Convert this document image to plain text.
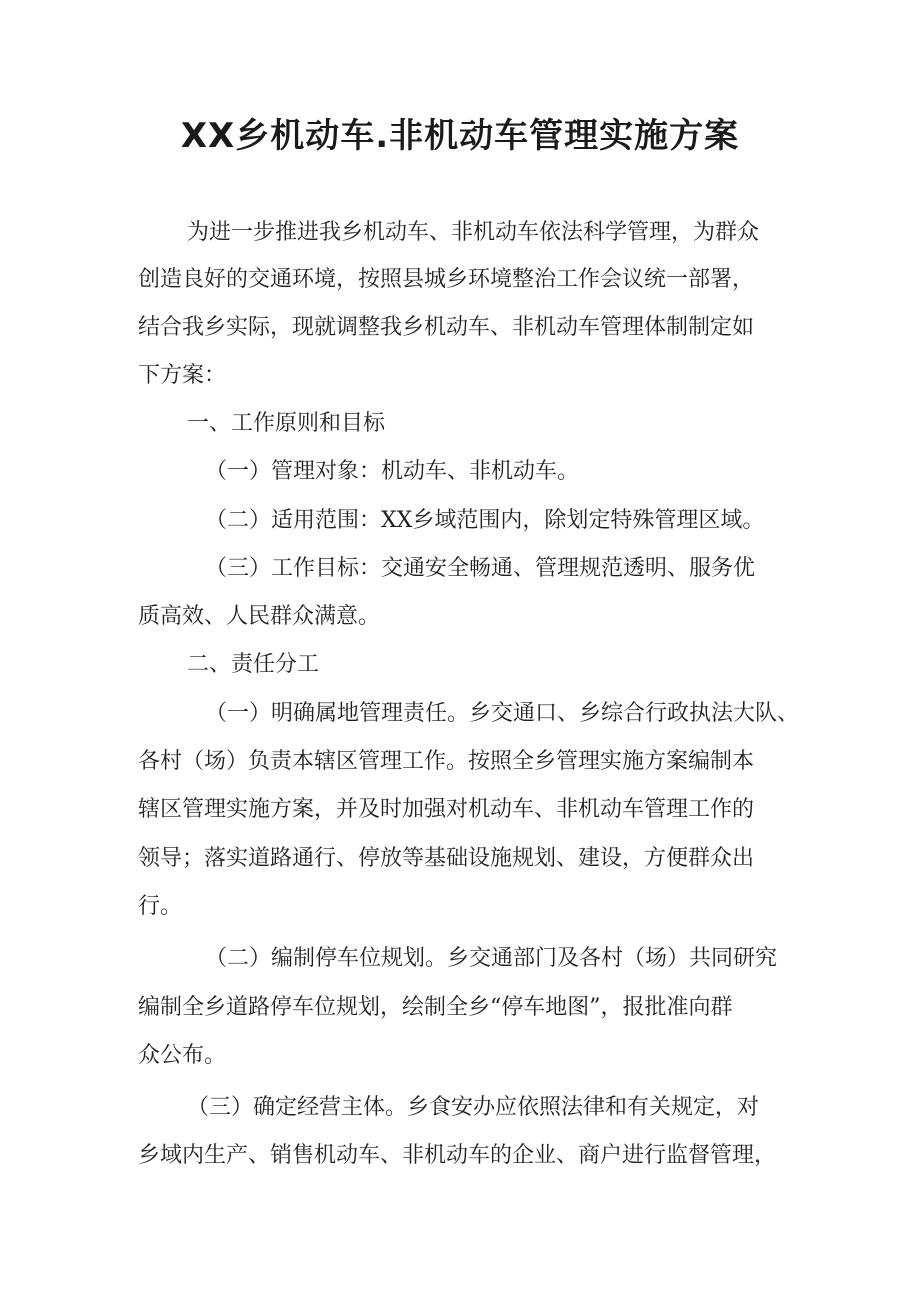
XX乡机动车.非机动车管理实施方案

为进一步推进我乡机动车、非机动车依法科学管理，为群众

创造良好的交通环境，按照县城乡环境整治工作会议统一部署，

结合我乡实际，现就调整我乡机动车、非机动车管理体制制定如

下方案：

一、工作原则和目标

（一）管理对象：机动车、非机动车。

（二）适用范围：XX乡域范围内，除划定特殊管理区域。

（三）工作目标：交通安全畅通、管理规范透明、服务优

质高效、人民群众满意。

二、责任分工

（一）明确属地管理责任。乡交通口、乡综合行政执法大队、

各村（场）负责本辖区管理工作。按照全乡管理实施方案编制本

辖区管理实施方案，并及时加强对机动车、非机动车管理工作的

领导；落实道路通行、停放等基础设施规划、建设，方便群众出

行。

（二）编制停车位规划。乡交通部门及各村（场）共同研究

编制全乡道路停车位规划，绘制全乡“停车地图”，报批准向群

众公布。

（三）确定经营主体。乡食安办应依照法律和有关规定，对

乡域内生产、销售机动车、非机动车的企业、商户进行监督管理，
